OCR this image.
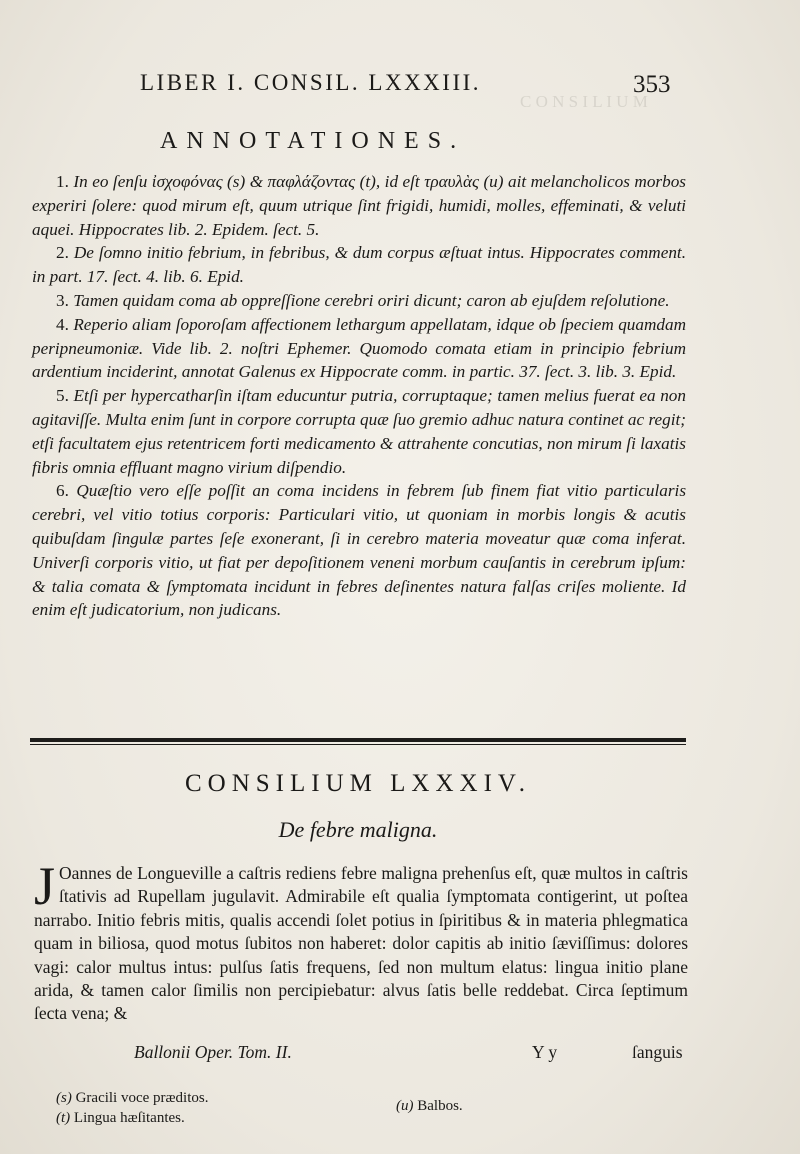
C O N S I L I U M
LIBER I. CONSIL. LXXXIII.	353
ANNOTATIONES.

1. In eo ſenſu ἰσχοφόνας (s) & παφλάζοντας (t), id eſt τραυλὰς (u) ait melancholicos morbos experiri ſolere: quod mirum eſt, quum utrique ſint frigidi, humidi, molles, effeminati, & veluti aquei. Hippocrates lib. 2. Epidem. ſect. 5.

2. De ſomno initio febrium, in febribus, & dum corpus æſtuat intus. Hippocrates comment. in part. 17. ſect. 4. lib. 6. Epid.

3. Tamen quidam coma ab oppreſſione cerebri oriri dicunt; caron ab ejuſdem reſolutione.

4. Reperio aliam ſoporoſam affectionem lethargum appellatam, idque ob ſpeciem quamdam peripneumoniæ. Vide lib. 2. noſtri Ephemer. Quomodo comata etiam in principio febrium ardentium inciderint, annotat Galenus ex Hippocrate comm. in partic. 37. ſect. 3. lib. 3. Epid.

5. Etſi per hypercatharſin iſtam educuntur putria, corruptaque; tamen melius fuerat ea non agitaviſſe. Multa enim ſunt in corpore corrupta quæ ſuo gremio adhuc natura continet ac regit; etſi facultatem ejus retentricem forti medicamento & attrahente concutias, non mirum ſi laxatis fibris omnia effluant magno virium diſpendio.

6. Quæſtio vero eſſe poſſit an coma incidens in febrem ſub finem fiat vitio particularis cerebri, vel vitio totius corporis: Particulari vitio, ut quoniam in morbis longis & acutis quibuſdam ſingulæ partes ſeſe exonerant, ſi in cerebro materia moveatur quæ coma inferat. Univerſi corporis vitio, ut fiat per depoſitionem veneni morbum cauſantis in cerebrum ipſum: & talia comata & ſymptomata incidunt in febres deſinentes natura falſas criſes moliente. Id enim eſt judicatorium, non judicans.

CONSILIUM LXXXIV.
De febre maligna.
J Oannes de Longueville a caſtris rediens febre maligna prehenſus eſt, quæ multos in caſtris ſtativis ad Rupellam jugulavit. Admirabile eſt qualia ſymptomata contigerint, ut poſtea narrabo. Initio febris mitis, qualis accendi ſolet potius in ſpiritibus & in materia phlegmatica quam in biliosa, quod motus ſubitos non haberet: dolor capitis ab initio ſæviſſimus: dolores vagi: calor multus intus: pulſus ſatis frequens, ſed non multum elatus: lingua initio plane arida, & tamen calor ſimilis non percipiebatur: alvus ſatis belle reddebat. Circa ſeptimum ſecta vena; &
Ballonii Oper. Tom. II.	Y y	ſanguis
(s) Gracili voce præditos.
(t) Lingua hæſitantes.
(u) Balbos.
